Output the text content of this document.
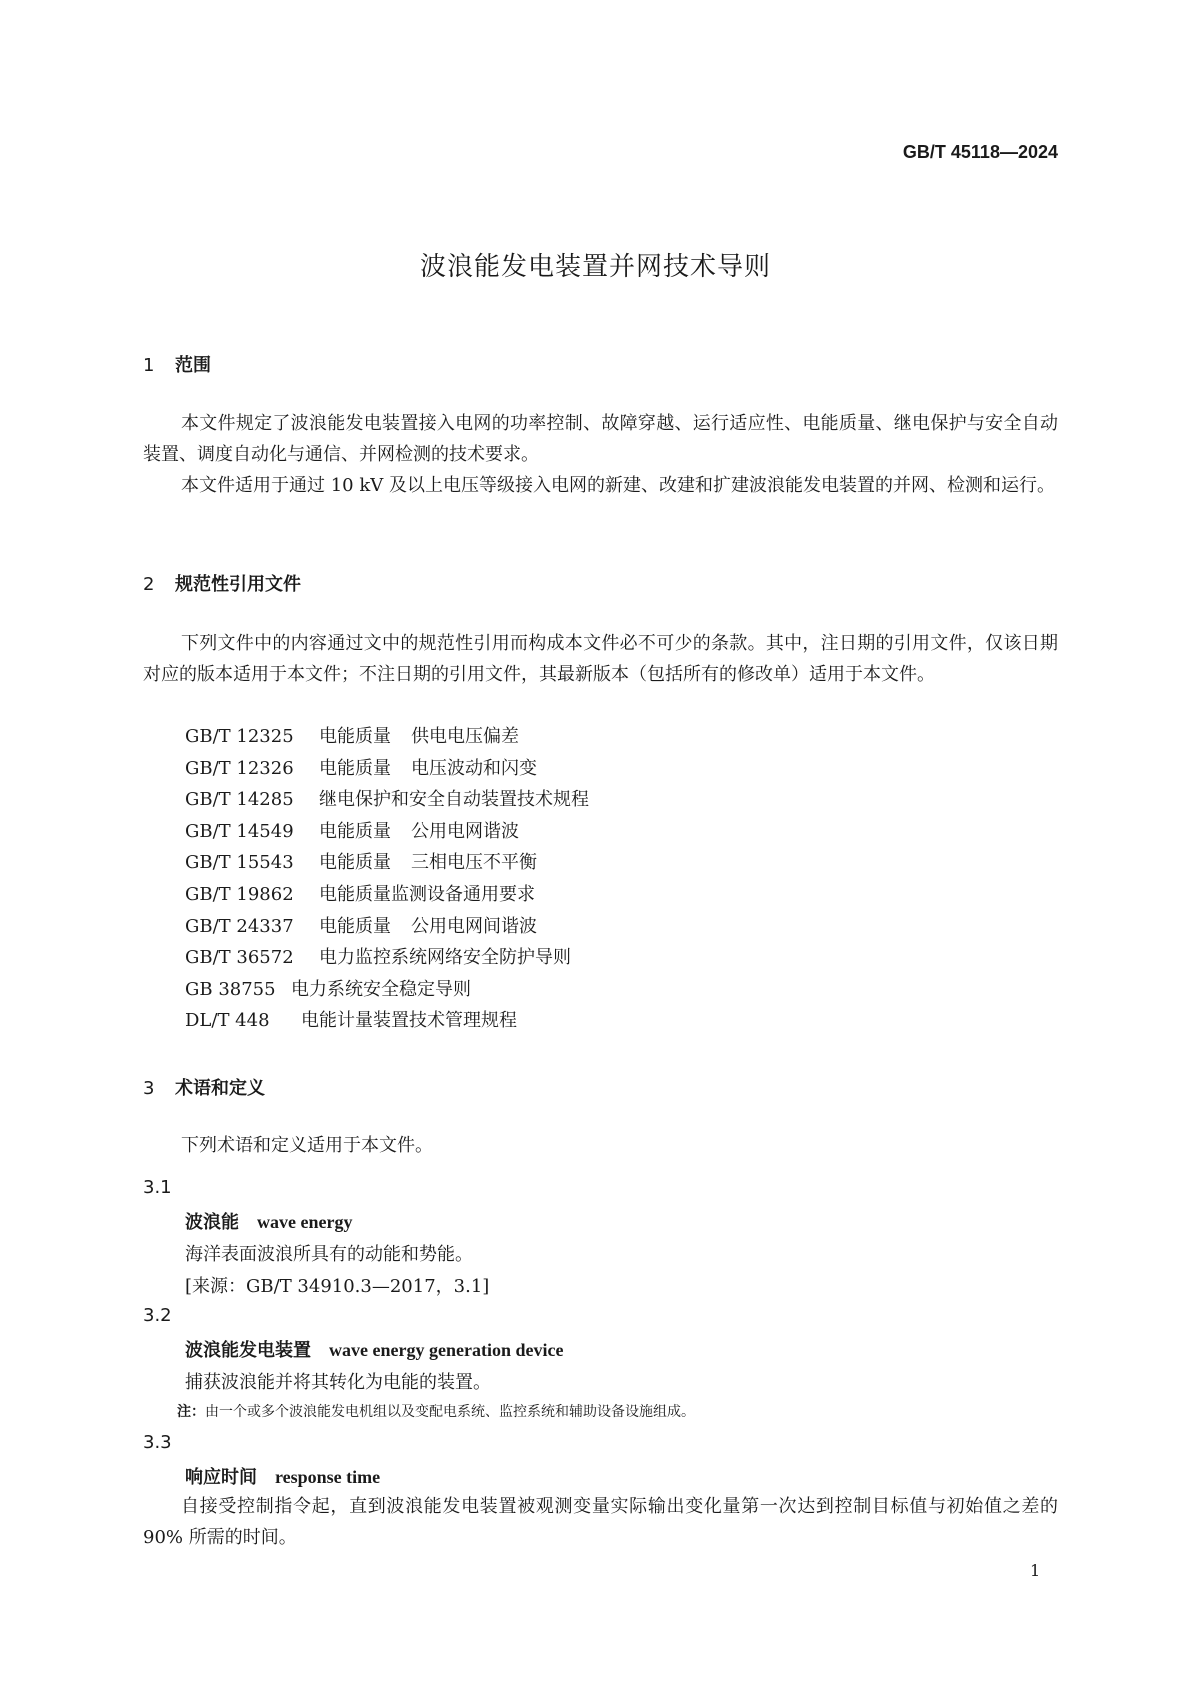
GB/T 45118—2024
波浪能发电装置并网技术导则
1 范围
本文件规定了波浪能发电装置接入电网的功率控制、故障穿越、运行适应性、电能质量、继电保护与安全自动装置、调度自动化与通信、并网检测的技术要求。
本文件适用于通过 10 kV 及以上电压等级接入电网的新建、改建和扩建波浪能发电装置的并网、检测和运行。
2 规范性引用文件
下列文件中的内容通过文中的规范性引用而构成本文件必不可少的条款。其中，注日期的引用文件，仅该日期对应的版本适用于本文件；不注日期的引用文件，其最新版本（包括所有的修改单）适用于本文件。
GB/T 12325 电能质量 供电电压偏差
GB/T 12326 电能质量 电压波动和闪变
GB/T 14285 继电保护和安全自动装置技术规程
GB/T 14549 电能质量 公用电网谐波
GB/T 15543 电能质量 三相电压不平衡
GB/T 19862 电能质量监测设备通用要求
GB/T 24337 电能质量 公用电网间谐波
GB/T 36572 电力监控系统网络安全防护导则
GB 38755 电力系统安全稳定导则
DL/T 448 电能计量装置技术管理规程
3 术语和定义
下列术语和定义适用于本文件。
3.1
波浪能 wave energy
海洋表面波浪所具有的动能和势能。
[来源：GB/T 34910.3—2017，3.1]
3.2
波浪能发电装置 wave energy generation device
捕获波浪能并将其转化为电能的装置。
注：由一个或多个波浪能发电机组以及变配电系统、监控系统和辅助设备设施组成。
3.3
响应时间 response time
自接受控制指令起，直到波浪能发电装置被观测变量实际输出变化量第一次达到控制目标值与初始值之差的 90% 所需的时间。
1
